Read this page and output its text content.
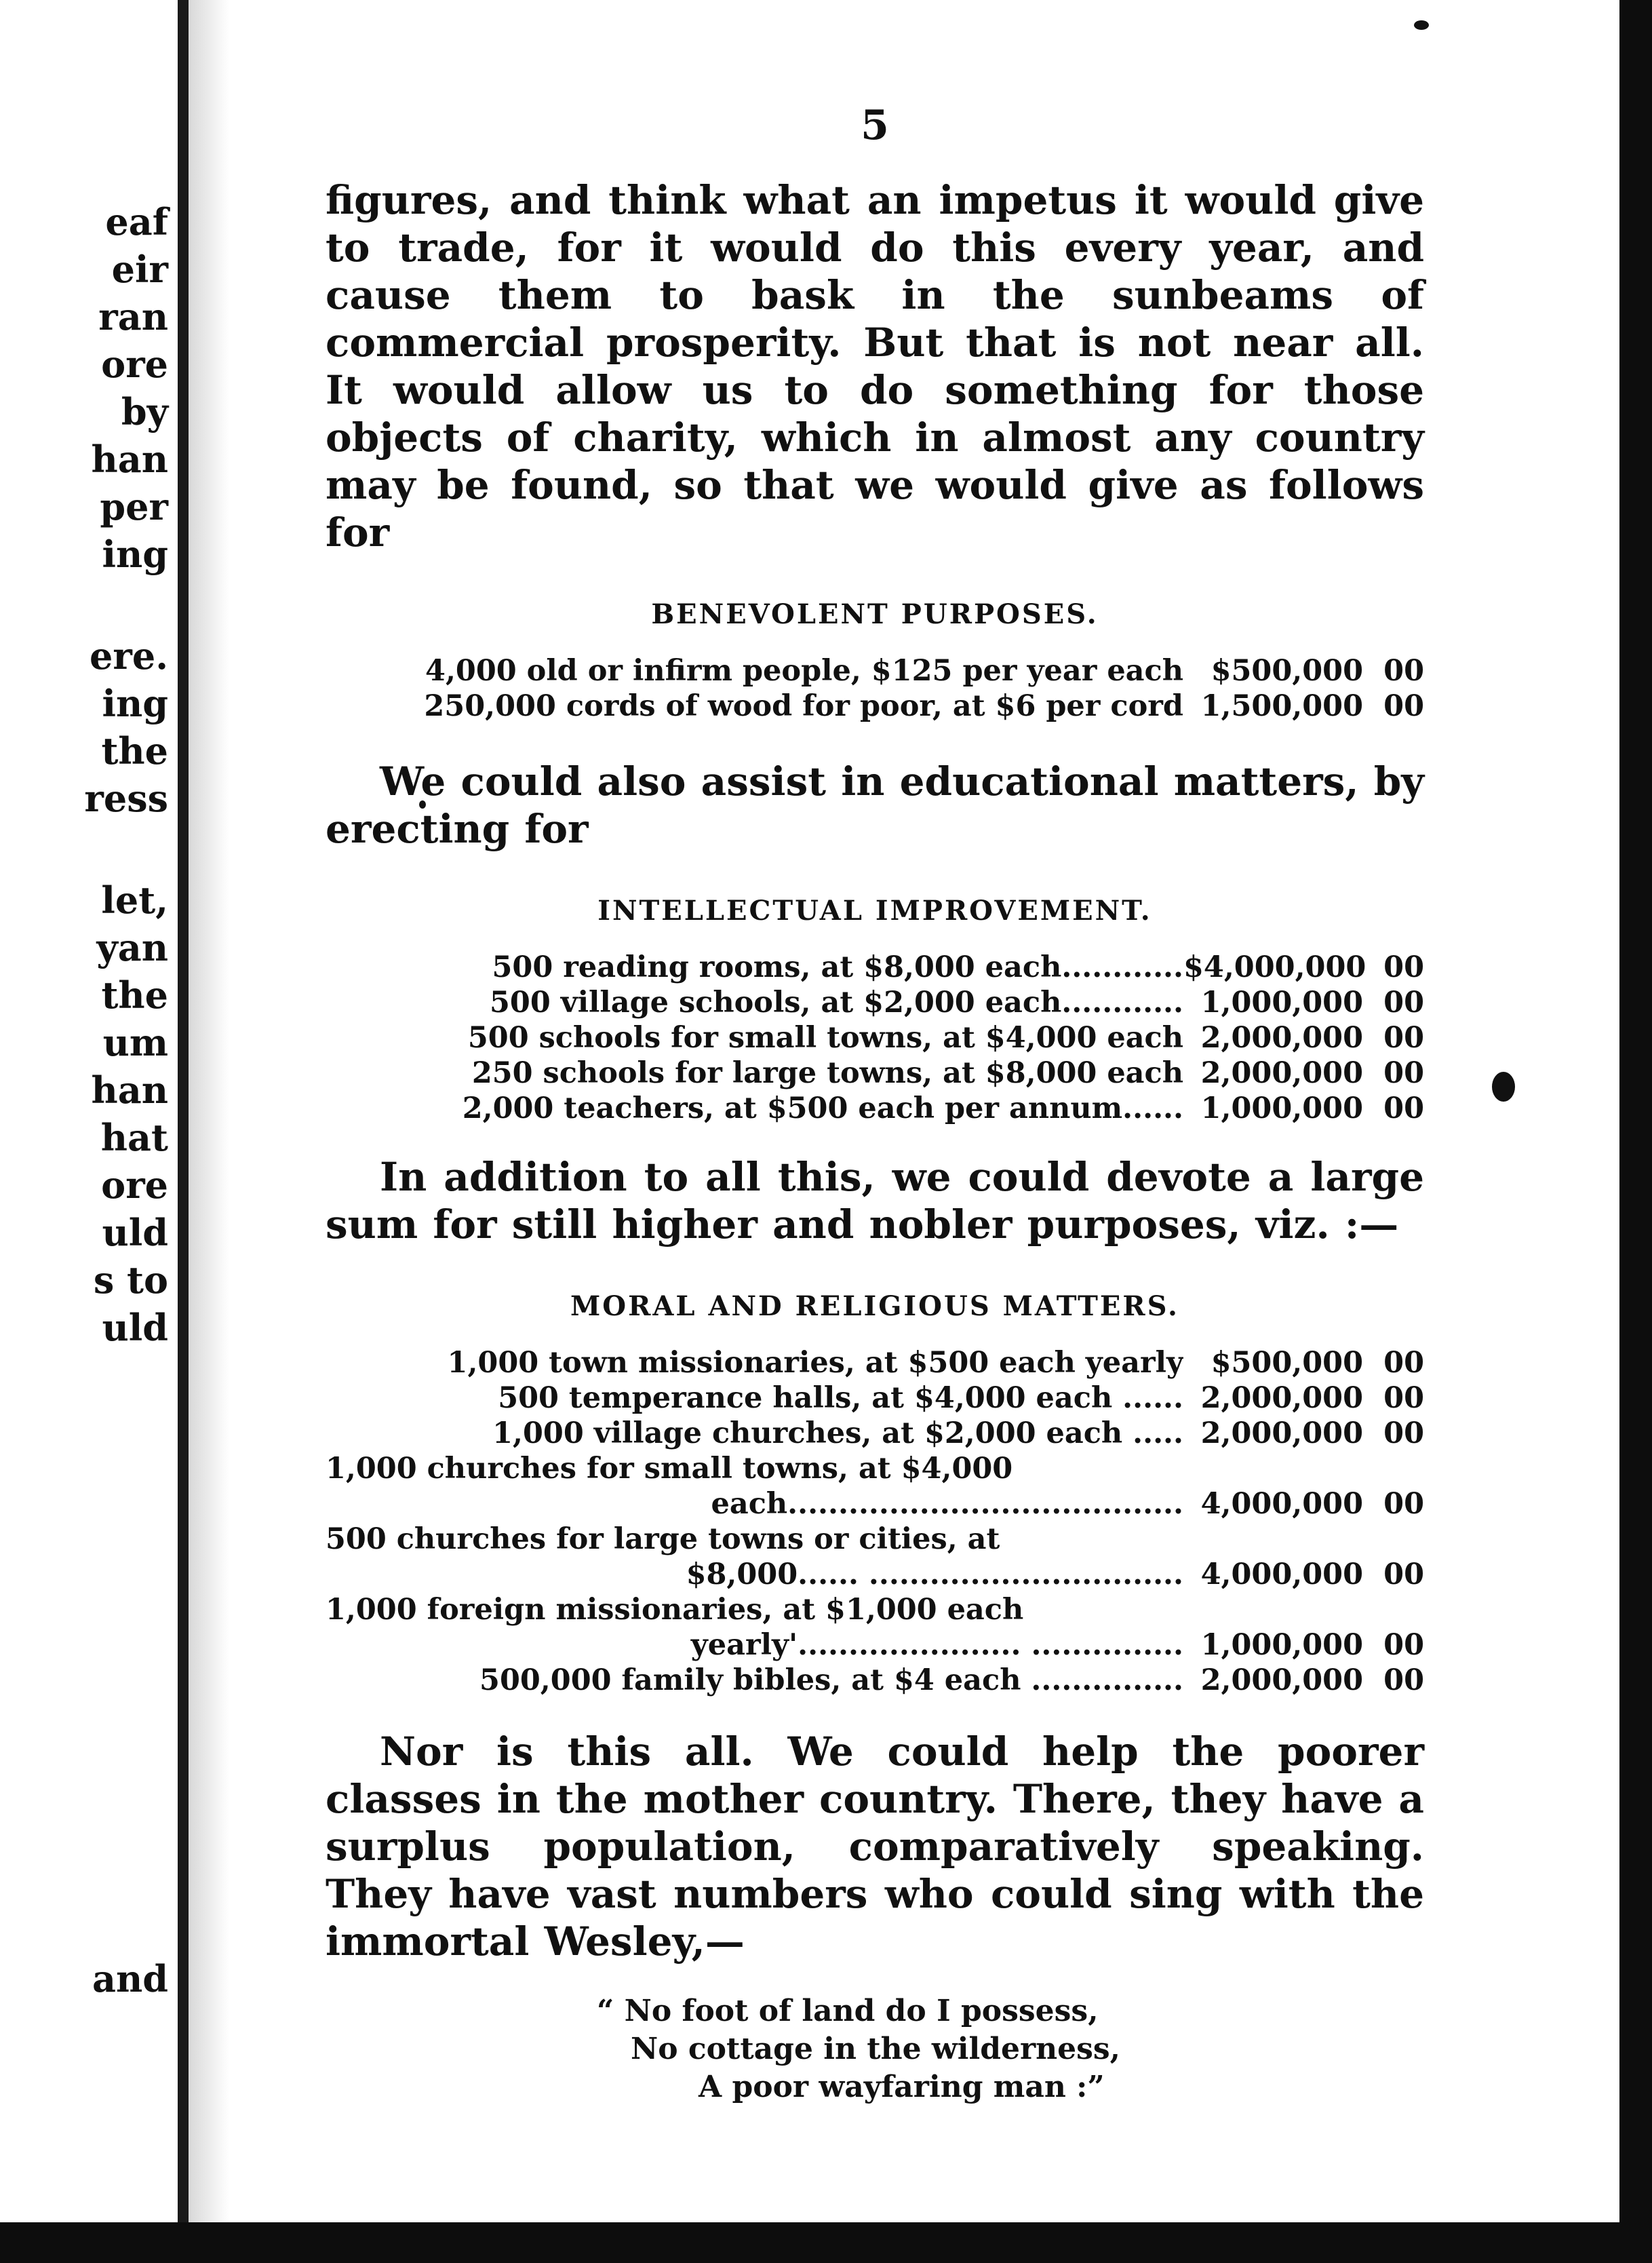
eaf
eir
ran
ore
by
han
per
ing
ere.
ing
the
ress
let,
yan
the
um
han
hat
ore
uld
s to
uld
and
5

figures, and think what an impetus it would give to trade, for it would do this every year, and cause them to bask in the sunbeams of commercial prosperity. But that is not near all. It would allow us to do something for those objects of charity, which in almost any country may be found, so that we would give as follows for

BENEVOLENT PURPOSES.
4,000 old or infirm people, $125 per year each $500,000 00
250,000 cords of wood for poor, at $6 per cord 1,500,000 00

We could also assist in educational matters, by erecting for

INTELLECTUAL IMPROVEMENT.
500 reading rooms, at $8,000 each............ $4,000,000 00
500 village schools, at $2,000 each............ 1,000,000 00
500 schools for small towns, at $4,000 each 2,000,000 00
250 schools for large towns, at $8,000 each 2,000,000 00
2,000 teachers, at $500 each per annum...... 1,000,000 00

In addition to all this, we could devote a large sum for still higher and nobler purposes, viz. :—

MORAL AND RELIGIOUS MATTERS.
1,000 town missionaries, at $500 each yearly $500,000 00
500 temperance halls, at $4,000 each ...... 2,000,000 00
1,000 village churches, at $2,000 each ..... 2,000,000 00
1,000 churches for small towns, at $4,000
each....................................... 4,000,000 00
500 churches for large towns or cities, at
$8,000...... ............................... 4,000,000 00
1,000 foreign missionaries, at $1,000 each
yearly'...................... ............... 1,000,000 00
500,000 family bibles, at $4 each ............... 2,000,000 00

Nor is this all. We could help the poorer classes in the mother country. There, they have a surplus population, comparatively speaking. They have vast numbers who could sing with the immortal Wesley,—

“ No foot of land do I possess,
No cottage in the wilderness,
A poor wayfaring man :”
